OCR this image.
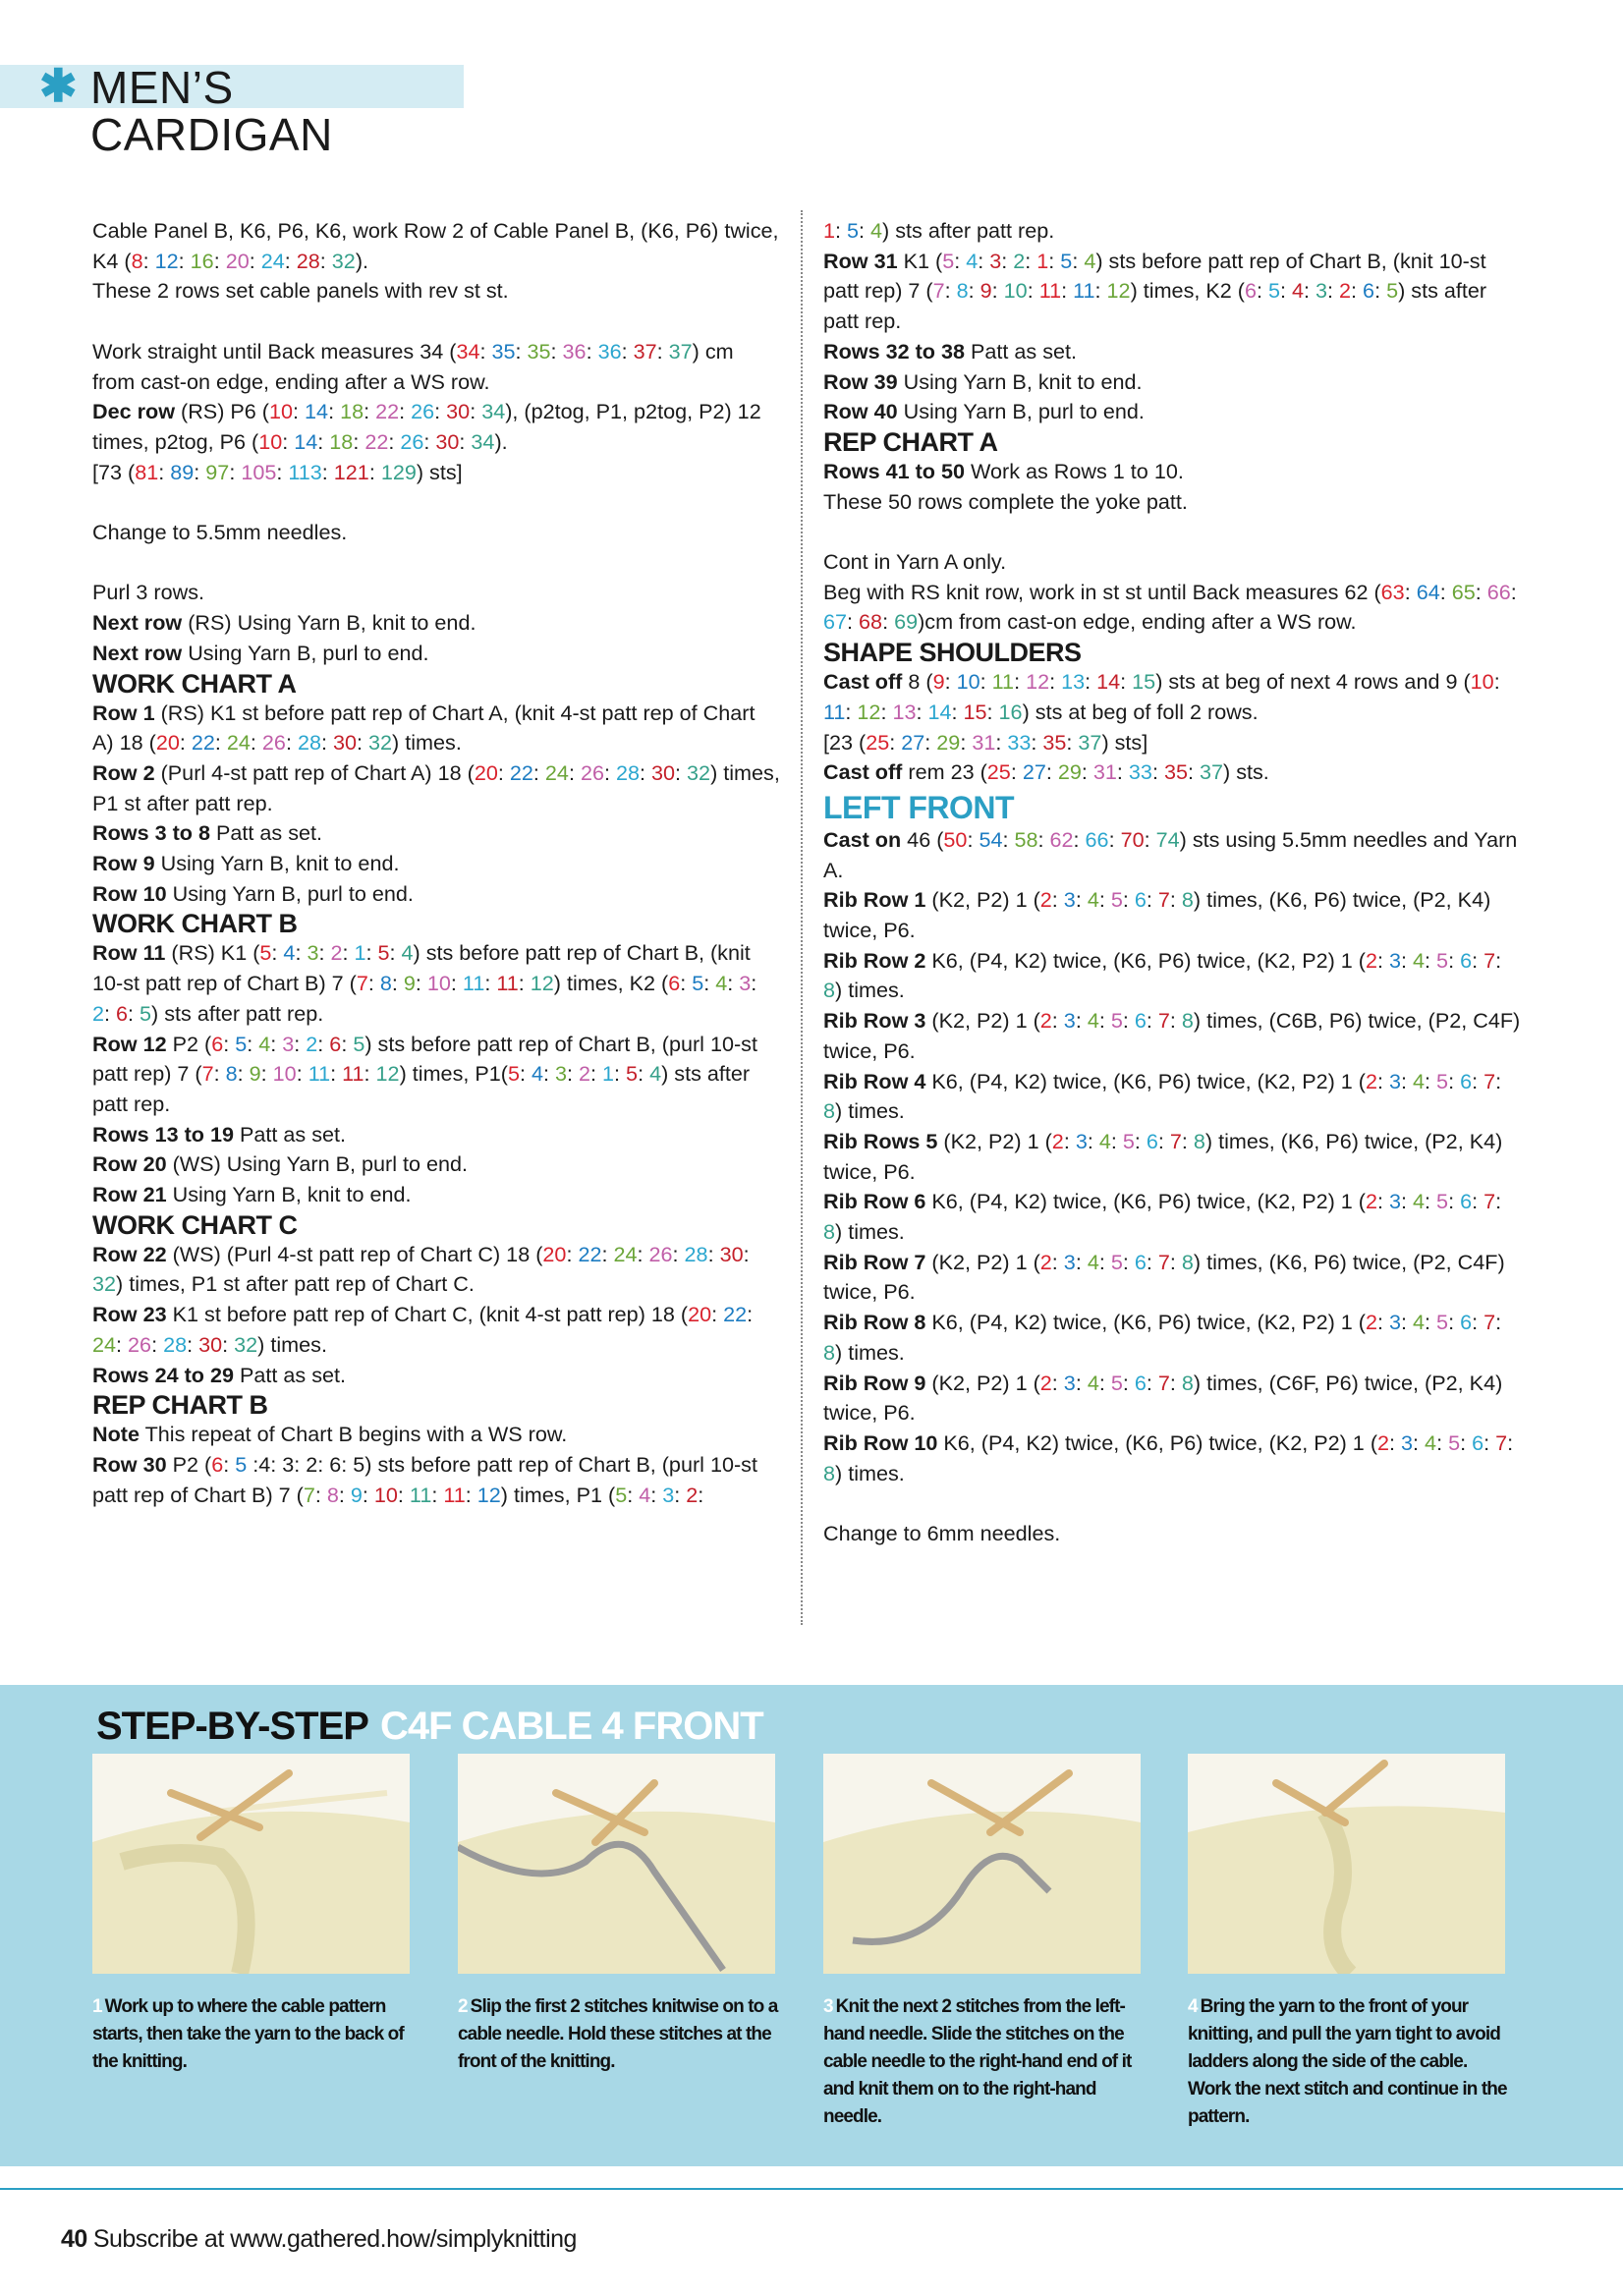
✱ MEN’S CARDIGAN

Cable Panel B, K6, P6, K6, work Row 2 of Cable Panel B, (K6, P6) twice, K4 (8: 12: 16: 20: 24: 28: 32).
These 2 rows set cable panels with rev st st.

Work straight until Back measures 34 (34: 35: 35: 36: 36: 37: 37) cm from cast-on edge, ending after a WS row.
Dec row (RS) P6 (10: 14: 18: 22: 26: 30: 34), (p2tog, P1, p2tog, P2) 12 times, p2tog, P6 (10: 14: 18: 22: 26: 30: 34).
[73 (81: 89: 97: 105: 113: 121: 129) sts]

Change to 5.5mm needles.

Purl 3 rows.
Next row (RS) Using Yarn B, knit to end.
Next row Using Yarn B, purl to end.

WORK CHART A

Row 1 (RS) K1 st before patt rep of Chart A, (knit 4-st patt rep of Chart A) 18 (20: 22: 24: 26: 28: 30: 32) times.
Row 2 (Purl 4-st patt rep of Chart A) 18 (20: 22: 24: 26: 28: 30: 32) times, P1 st after patt rep.
Rows 3 to 8 Patt as set.
Row 9 Using Yarn B, knit to end.
Row 10 Using Yarn B, purl to end.

WORK CHART B

Row 11 (RS) K1 (5: 4: 3: 2: 1: 5: 4) sts before patt rep of Chart B, (knit 10-st patt rep of Chart B) 7 (7: 8: 9: 10: 11: 11: 12) times, K2 (6: 5: 4: 3: 2: 6: 5) sts after patt rep.
Row 12 P2 (6: 5: 4: 3: 2: 6: 5) sts before patt rep of Chart B, (purl 10-st patt rep) 7 (7: 8: 9: 10: 11: 11: 12) times, P1(5: 4: 3: 2: 1: 5: 4) sts after patt rep.
Rows 13 to 19 Patt as set.
Row 20 (WS) Using Yarn B, purl to end.
Row 21 Using Yarn B, knit to end.

WORK CHART C

Row 22 (WS) (Purl 4-st patt rep of Chart C) 18 (20: 22: 24: 26: 28: 30: 32) times, P1 st after patt rep of Chart C.
Row 23 K1 st before patt rep of Chart C, (knit 4-st patt rep) 18 (20: 22: 24: 26: 28: 30: 32) times.
Rows 24 to 29 Patt as set.

REP CHART B

Note This repeat of Chart B begins with a WS row.
Row 30 P2 (6: 5 :4: 3: 2: 6: 5) sts before patt rep of Chart B, (purl 10-st patt rep of Chart B) 7 (7: 8: 9: 10: 11: 11: 12) times, P1 (5: 4: 3: 2:

1: 5: 4) sts after patt rep.
Row 31 K1 (5: 4: 3: 2: 1: 5: 4) sts before patt rep of Chart B, (knit 10-st patt rep) 7 (7: 8: 9: 10: 11: 11: 12) times, K2 (6: 5: 4: 3: 2: 6: 5) sts after patt rep.
Rows 32 to 38 Patt as set.
Row 39 Using Yarn B, knit to end.
Row 40 Using Yarn B, purl to end.

REP CHART A

Rows 41 to 50 Work as Rows 1 to 10.
These 50 rows complete the yoke patt.

Cont in Yarn A only.
Beg with RS knit row, work in st st until Back measures 62 (63: 64: 65: 66: 67: 68: 69)cm from cast-on edge, ending after a WS row.

SHAPE SHOULDERS

Cast off 8 (9: 10: 11: 12: 13: 14: 15) sts at beg of next 4 rows and 9 (10: 11: 12: 13: 14: 15: 16) sts at beg of foll 2 rows.
[23 (25: 27: 29: 31: 33: 35: 37) sts]
Cast off rem 23 (25: 27: 29: 31: 33: 35: 37) sts.

LEFT FRONT

Cast on 46 (50: 54: 58: 62: 66: 70: 74) sts using 5.5mm needles and Yarn A.
Rib Row 1 (K2, P2) 1 (2: 3: 4: 5: 6: 7: 8) times, (K6, P6) twice, (P2, K4) twice, P6.
Rib Row 2 K6, (P4, K2) twice, (K6, P6) twice, (K2, P2) 1 (2: 3: 4: 5: 6: 7: 8) times.
Rib Row 3 (K2, P2) 1 (2: 3: 4: 5: 6: 7: 8) times, (C6B, P6) twice, (P2, C4F) twice, P6.
Rib Row 4 K6, (P4, K2) twice, (K6, P6) twice, (K2, P2) 1 (2: 3: 4: 5: 6: 7: 8) times.
Rib Rows 5 (K2, P2) 1 (2: 3: 4: 5: 6: 7: 8) times, (K6, P6) twice, (P2, K4) twice, P6.
Rib Row 6 K6, (P4, K2) twice, (K6, P6) twice, (K2, P2) 1 (2: 3: 4: 5: 6: 7: 8) times.
Rib Row 7 (K2, P2) 1 (2: 3: 4: 5: 6: 7: 8) times, (K6, P6) twice, (P2, C4F) twice, P6.
Rib Row 8 K6, (P4, K2) twice, (K6, P6) twice, (K2, P2) 1 (2: 3: 4: 5: 6: 7: 8) times.
Rib Row 9 (K2, P2) 1 (2: 3: 4: 5: 6: 7: 8) times, (C6F, P6) twice, (P2, K4) twice, P6.
Rib Row 10 K6, (P4, K2) twice, (K6, P6) twice, (K2, P2) 1 (2: 3: 4: 5: 6: 7: 8) times.

Change to 6mm needles.

STEP-BY-STEP C4F CABLE 4 FRONT
1 Work up to where the cable pattern starts, then take the yarn to the back of the knitting.
2 Slip the first 2 stitches knitwise on to a cable needle. Hold these stitches at the front of the knitting.
3 Knit the next 2 stitches from the left-hand needle. Slide the stitches on the cable needle to the right-hand end of it and knit them on to the right-hand needle.
4 Bring the yarn to the front of your knitting, and pull the yarn tight to avoid ladders along the side of the cable. Work the next stitch and continue in the pattern.
40 Subscribe at www.gathered.how/simplyknitting
